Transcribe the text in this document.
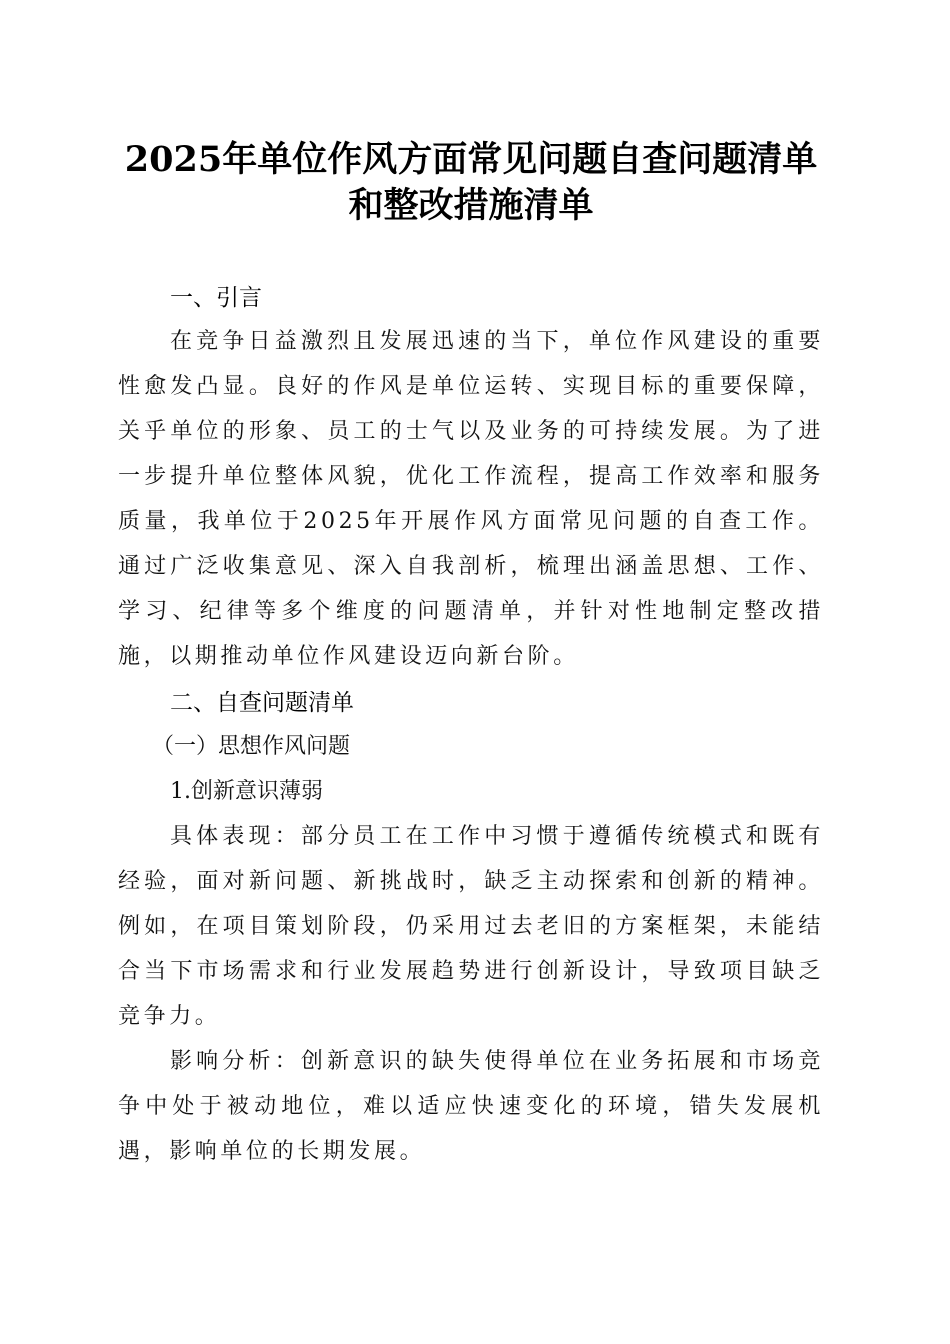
2025年单位作风方面常见问题自查问题清单
和整改措施清单
一、引言

在竞争日益激烈且发展迅速的当下，单位作风建设的重要性愈发凸显。良好的作风是单位运转、实现目标的重要保障，关乎单位的形象、员工的士气以及业务的可持续发展。为了进一步提升单位整体风貌，优化工作流程，提高工作效率和服务质量，我单位于2025年开展作风方面常见问题的自查工作。通过广泛收集意见、深入自我剖析，梳理出涵盖思想、工作、学习、纪律等多个维度的问题清单，并针对性地制定整改措施，以期推动单位作风建设迈向新台阶。

二、自查问题清单
（一）思想作风问题
1.创新意识薄弱

具体表现：部分员工在工作中习惯于遵循传统模式和既有经验，面对新问题、新挑战时，缺乏主动探索和创新的精神。例如，在项目策划阶段，仍采用过去老旧的方案框架，未能结合当下市场需求和行业发展趋势进行创新设计，导致项目缺乏竞争力。

影响分析：创新意识的缺失使得单位在业务拓展和市场竞争中处于被动地位，难以适应快速变化的环境，错失发展机遇，影响单位的长期发展。
